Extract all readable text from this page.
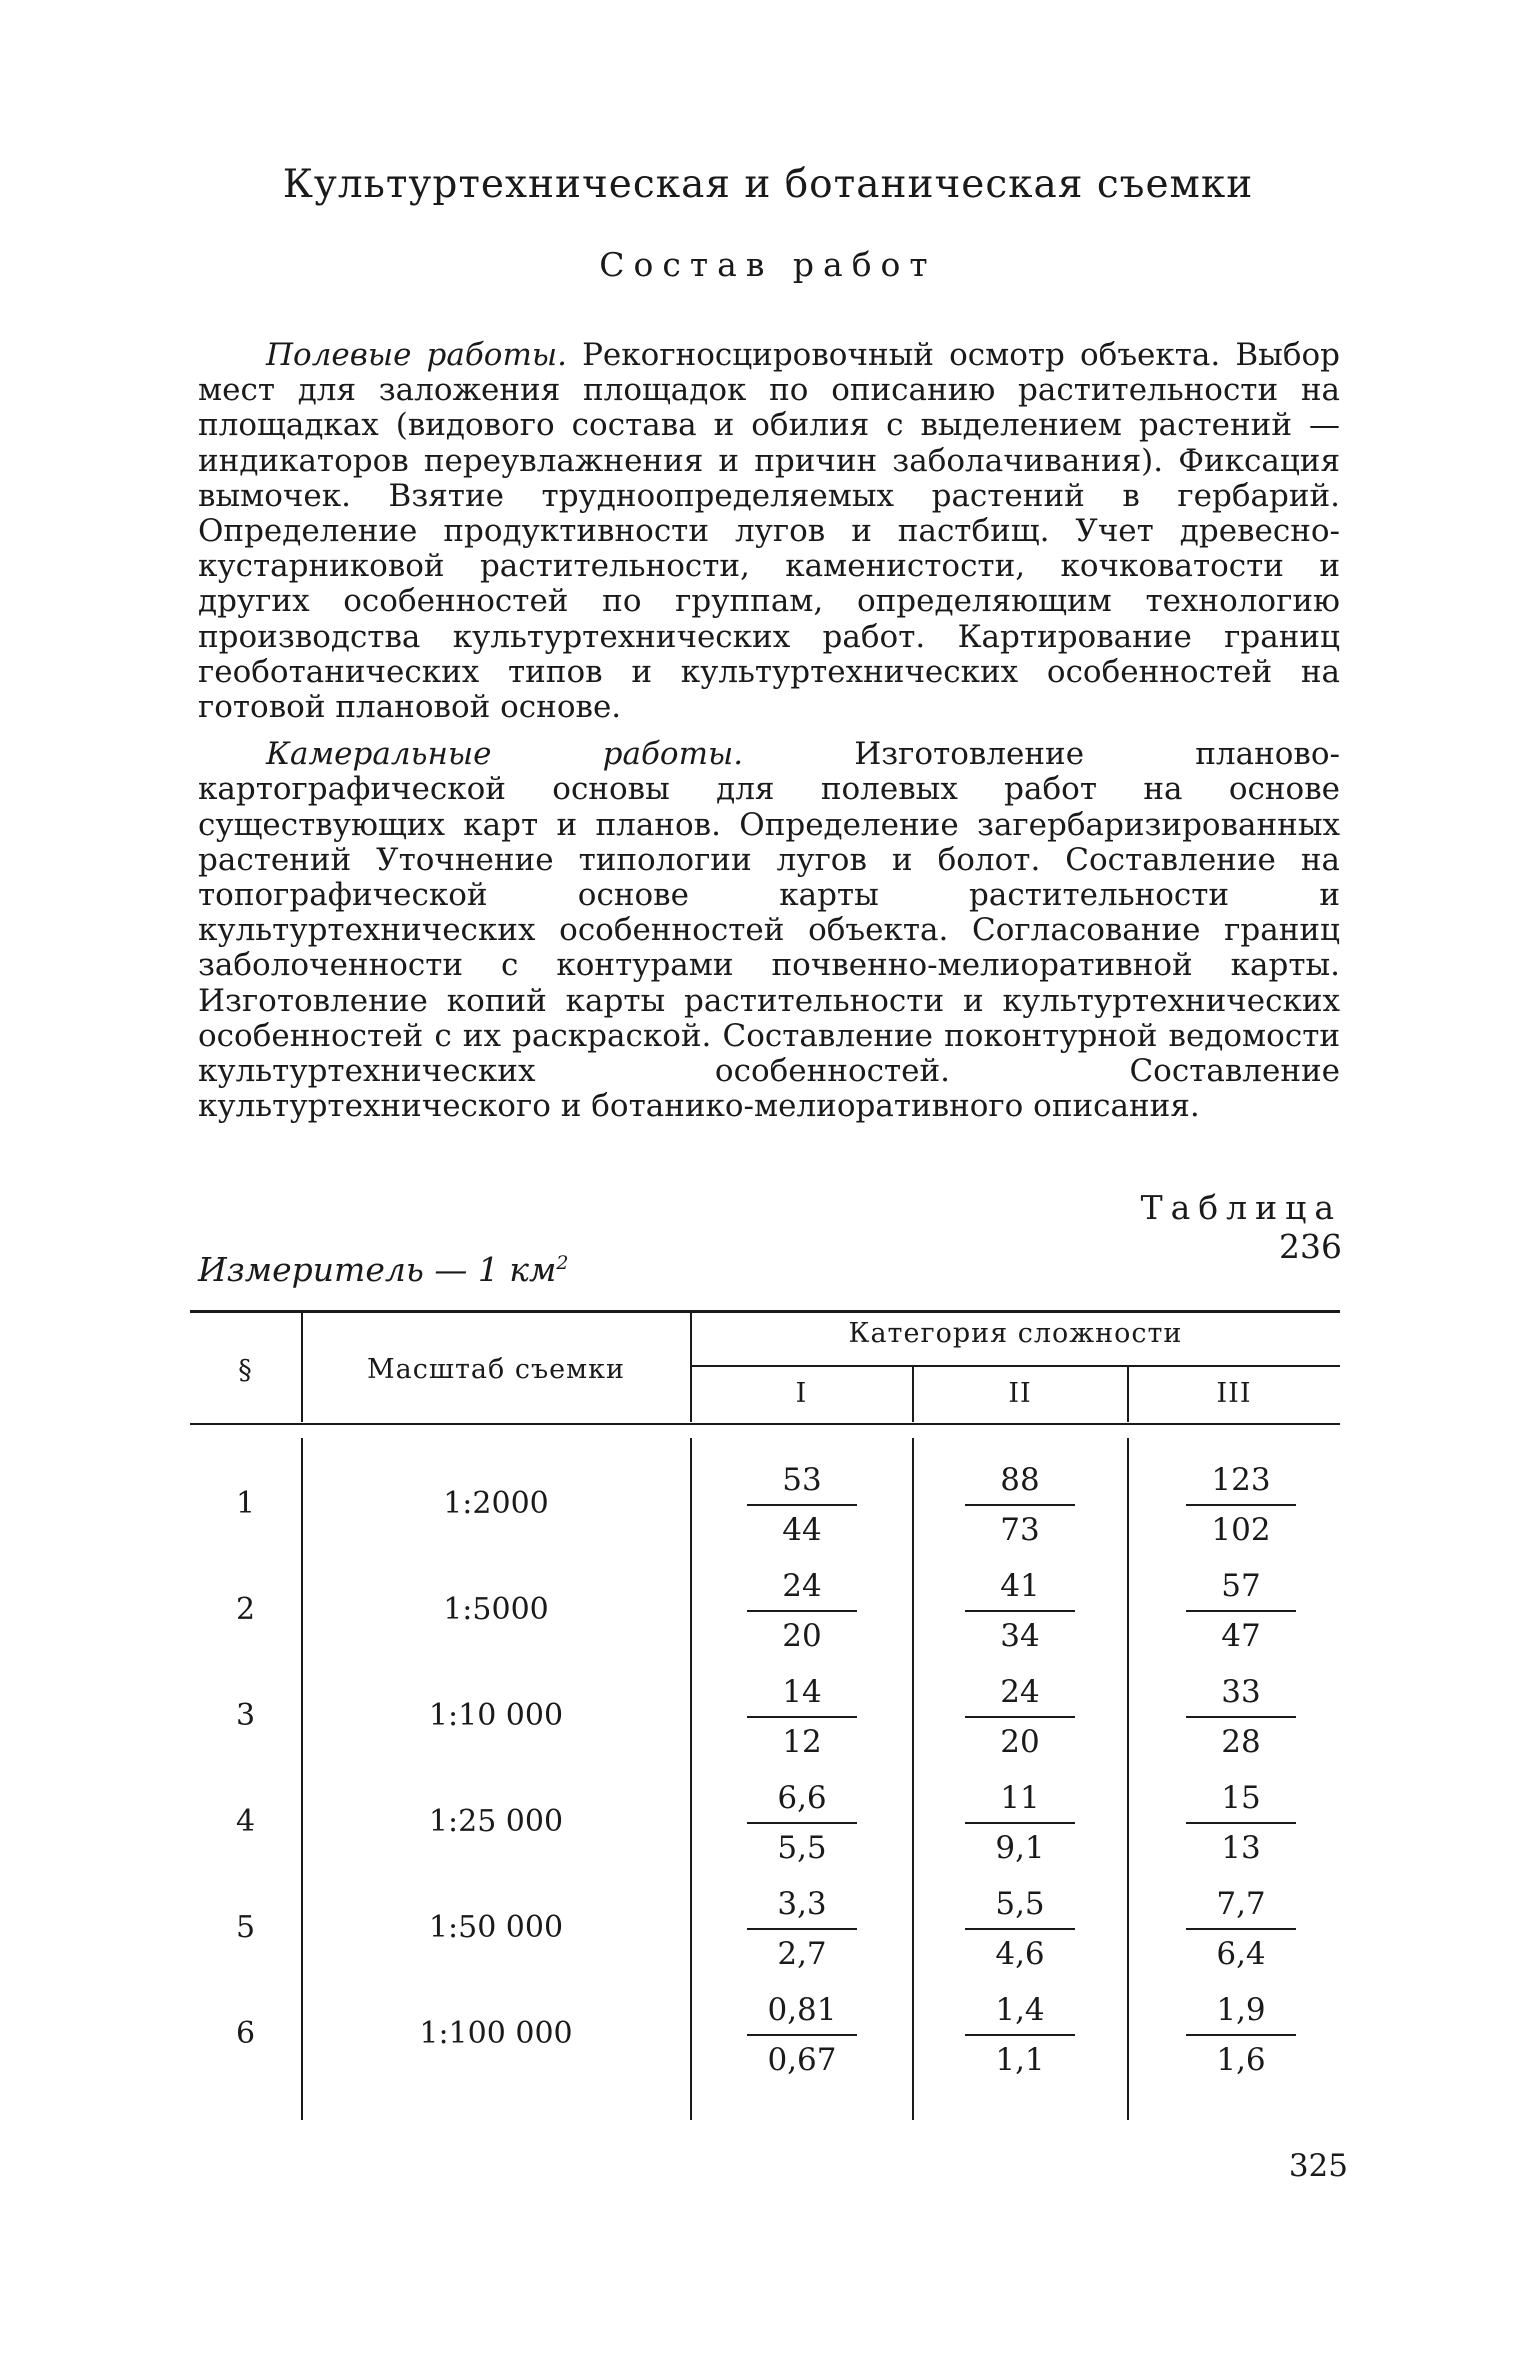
Культуртехническая и ботаническая съемки
Состав работ

Полевые работы. Рекогносцировочный осмотр объекта. Выбор мест для заложения площадок по описанию растительности на площадках (видового состава и обилия с выделением растений — индикаторов переувлажнения и причин заболачивания). Фиксация вымочек. Взятие трудноопределяемых растений в гербарий. Определение продуктивности лугов и пастбищ. Учет древесно-кустарниковой растительности, каменистости, кочковатости и других особенностей по группам, определяющим технологию производства культуртехнических работ. Картирование границ геоботанических типов и культуртехнических особенностей на готовой плановой основе.

Камеральные работы. Изготовление планово-картографической основы для полевых работ на основе существующих карт и планов. Определение загербаризированных растений Уточнение типологии лугов и болот. Составление на топографической основе карты растительности и культуртехнических особенностей объекта. Согласование границ заболоченности с контурами почвенно-мелиоративной карты. Изготовление копий карты растительности и культуртехнических особенностей с их раскраской. Составление поконтурной ведомости культуртехнических особенностей. Составление культуртехнического и ботанико-мелиоративного описания.

Таблица 236
Измеритель — 1 $км^2$
§	Масштаб съемки
Категория сложности
I	II	III
1	1:2000	$\frac{53}{44}$	$\frac{88}{73}$	$\frac{123}{102}$
2	1:5000	$\frac{24}{20}$	$\frac{41}{34}$	$\frac{57}{47}$
3	1:10 000	$\frac{14}{12}$	$\frac{24}{20}$	$\frac{33}{28}$
4	1:25 000	$\frac{6,6}{5,5}$	$\frac{11}{9,1}$	$\frac{15}{13}$
5	1:50 000	$\frac{3,3}{2,7}$	$\frac{5,5}{4,6}$	$\frac{7,7}{6,4}$
6	1:100 000	$\frac{0,81}{0,67}$	$\frac{1,4}{1,1}$	$\frac{1,9}{1,6}$
325
